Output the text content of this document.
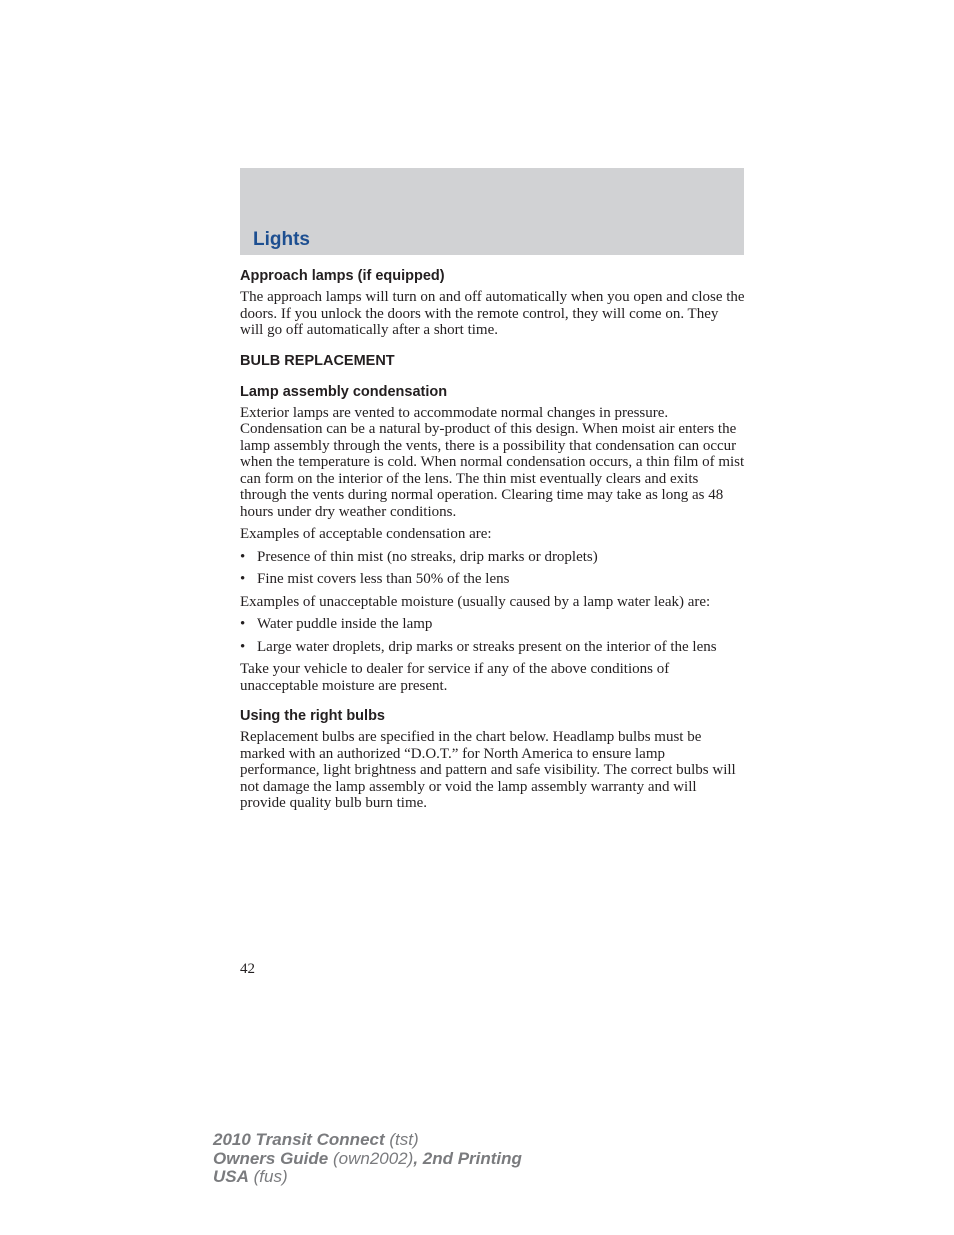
Lights
Approach lamps (if equipped)

The approach lamps will turn on and off automatically when you open and close the doors. If you unlock the doors with the remote control, they will come on. They will go off automatically after a short time.

BULB REPLACEMENT
Lamp assembly condensation

Exterior lamps are vented to accommodate normal changes in pressure. Condensation can be a natural by-product of this design. When moist air enters the lamp assembly through the vents, there is a possibility that condensation can occur when the temperature is cold. When normal condensation occurs, a thin film of mist can form on the interior of the lens. The thin mist eventually clears and exits through the vents during normal operation. Clearing time may take as long as 48 hours under dry weather conditions.

Examples of acceptable condensation are:

• Presence of thin mist (no streaks, drip marks or droplets)
• Fine mist covers less than 50% of the lens

Examples of unacceptable moisture (usually caused by a lamp water leak) are:

• Water puddle inside the lamp
• Large water droplets, drip marks or streaks present on the interior of the lens

Take your vehicle to dealer for service if any of the above conditions of unacceptable moisture are present.

Using the right bulbs

Replacement bulbs are specified in the chart below. Headlamp bulbs must be marked with an authorized “D.O.T.” for North America to ensure lamp performance, light brightness and pattern and safe visibility. The correct bulbs will not damage the lamp assembly or void the lamp assembly warranty and will provide quality bulb burn time.

42
2010 Transit Connect (tst)
Owners Guide (own2002), 2nd Printing
USA (fus)
